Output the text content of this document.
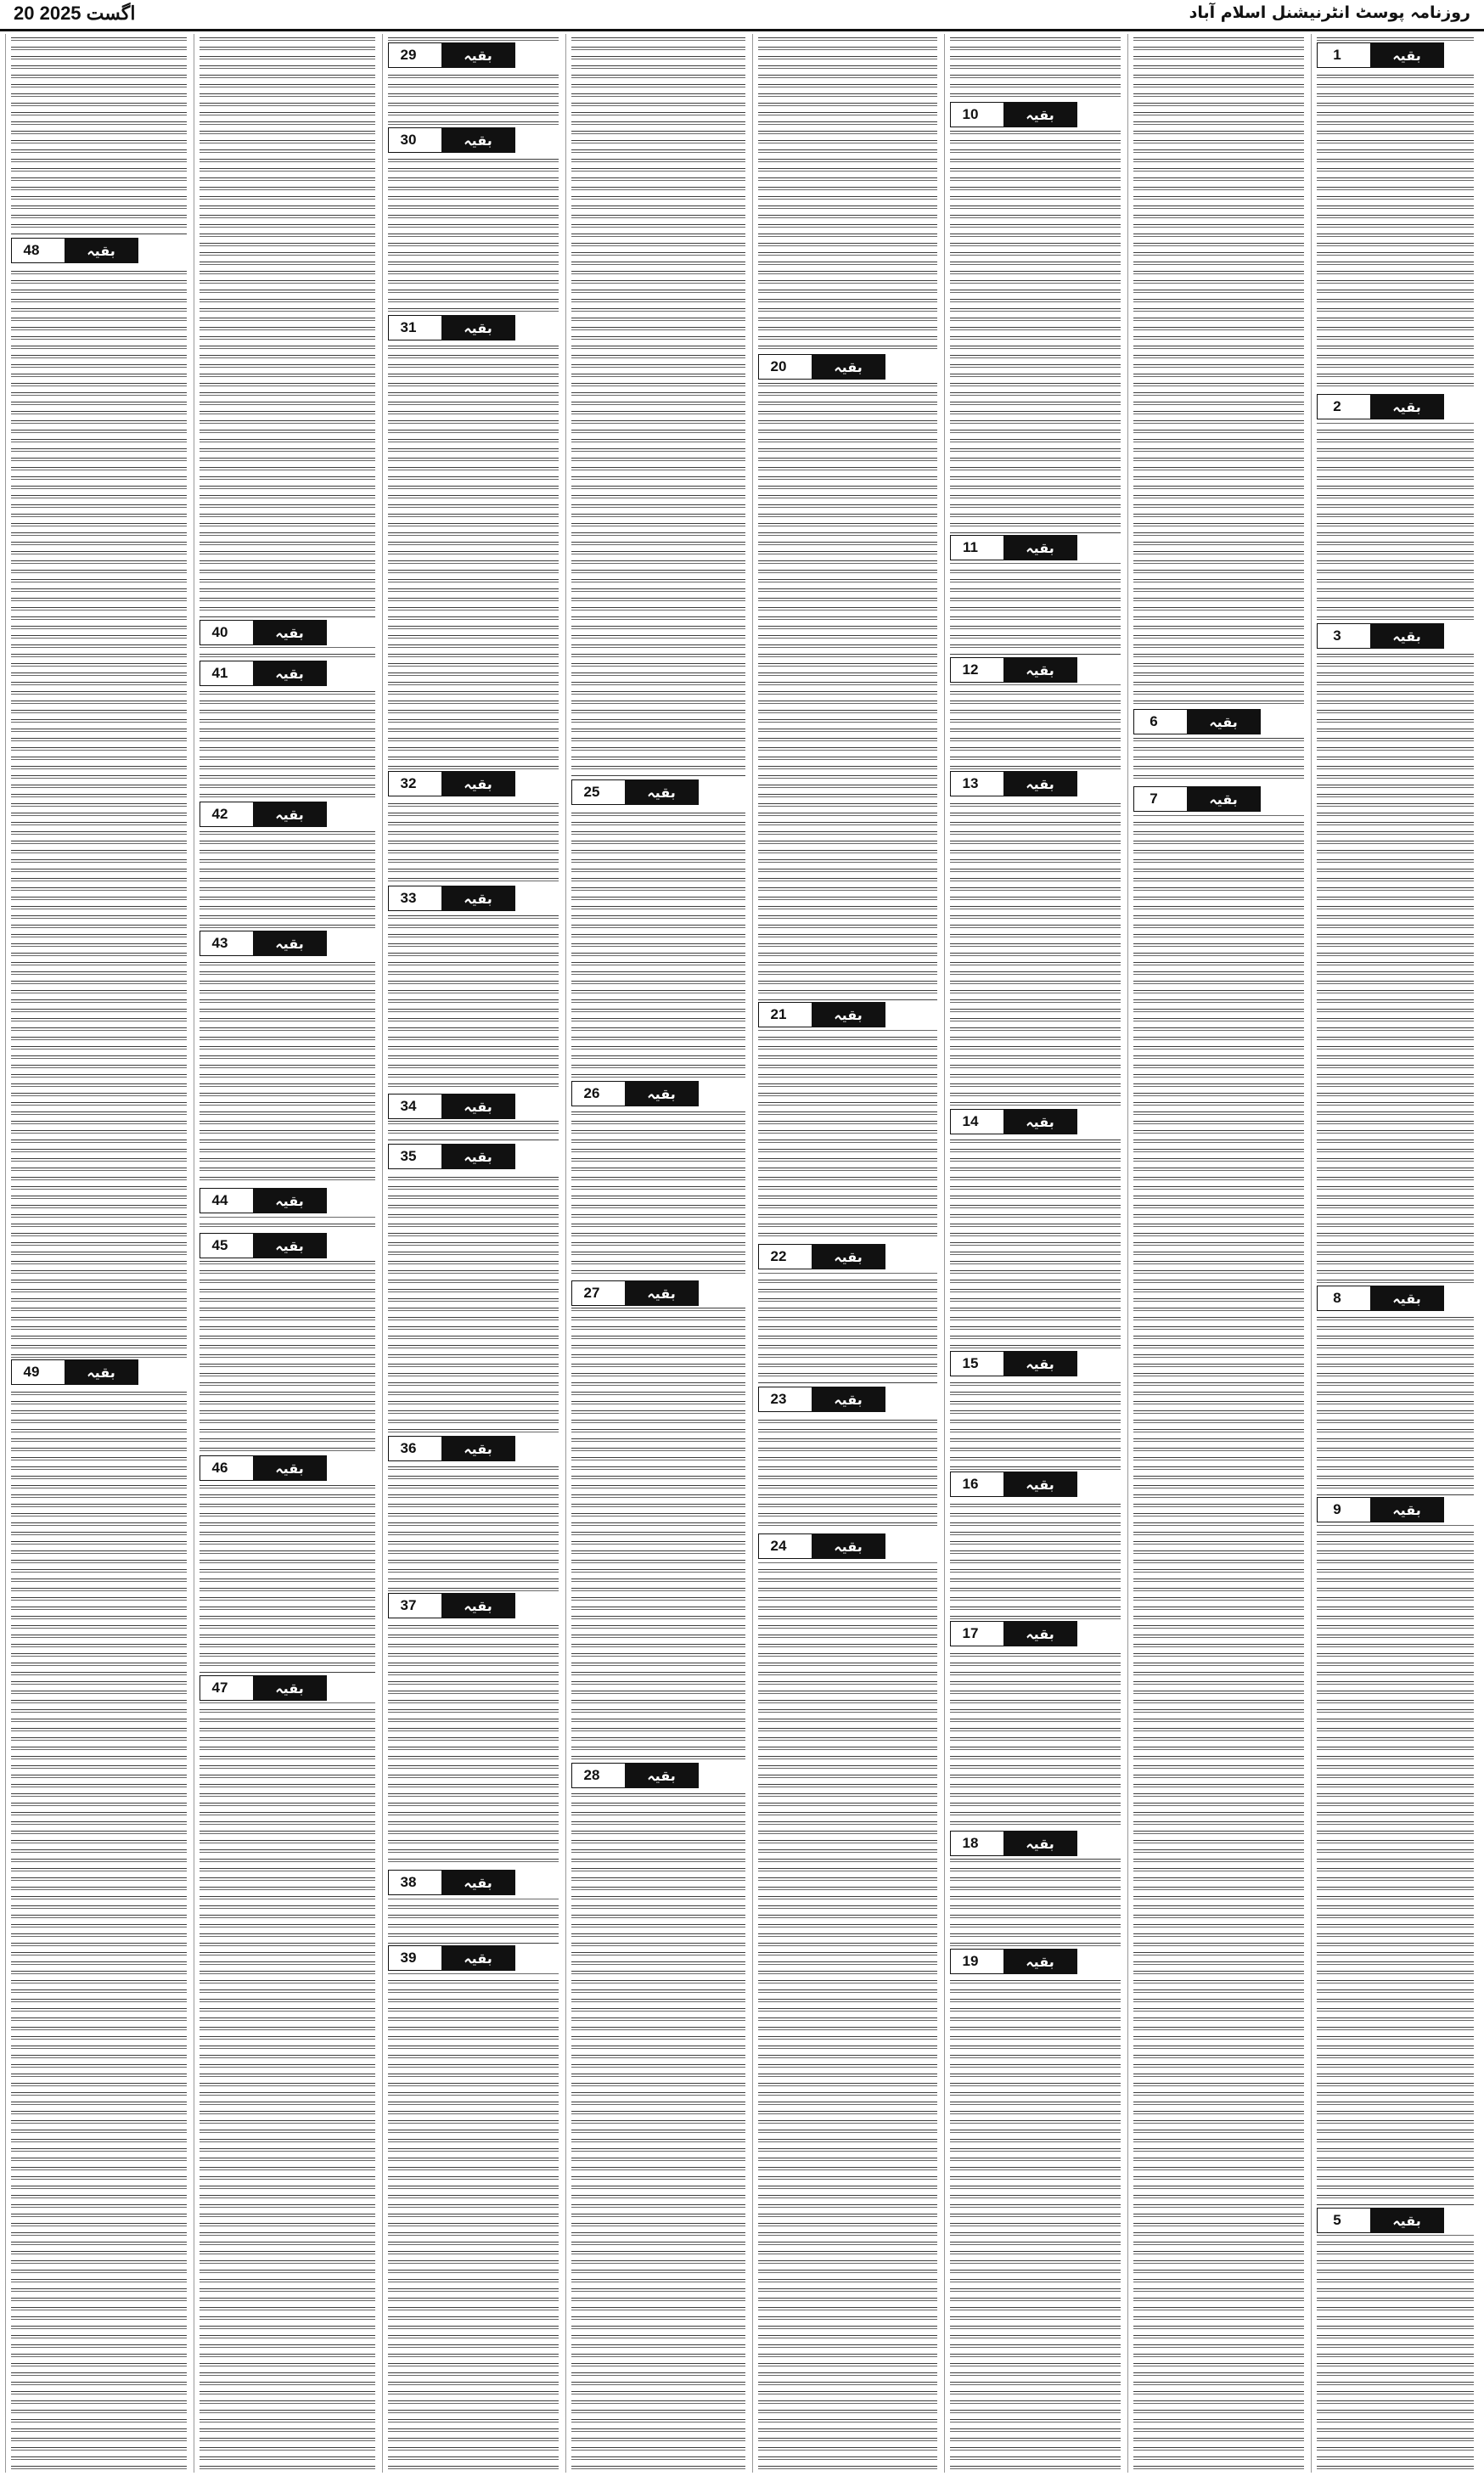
20 اگست 2025	روزنامہ پوسٹ انٹرنیشنل اسلام آباد
1	بقیہ
2	بقیہ
3	بقیہ
8	بقیہ
9	بقیہ
5	بقیہ
6	بقیہ
7	بقیہ
10	بقیہ
11	بقیہ
12	بقیہ
13	بقیہ
14	بقیہ
15	بقیہ
16	بقیہ
17	بقیہ
18	بقیہ
19	بقیہ
20	بقیہ
21	بقیہ
22	بقیہ
23	بقیہ
24	بقیہ
25	بقیہ
26	بقیہ
27	بقیہ
28	بقیہ
29	بقیہ
30	بقیہ
31	بقیہ
32	بقیہ
33	بقیہ
34	بقیہ
35	بقیہ
36	بقیہ
37	بقیہ
38	بقیہ
39	بقیہ
40	بقیہ
41	بقیہ
42	بقیہ
43	بقیہ
44	بقیہ
45	بقیہ
46	بقیہ
47	بقیہ
48	بقیہ
49	بقیہ
